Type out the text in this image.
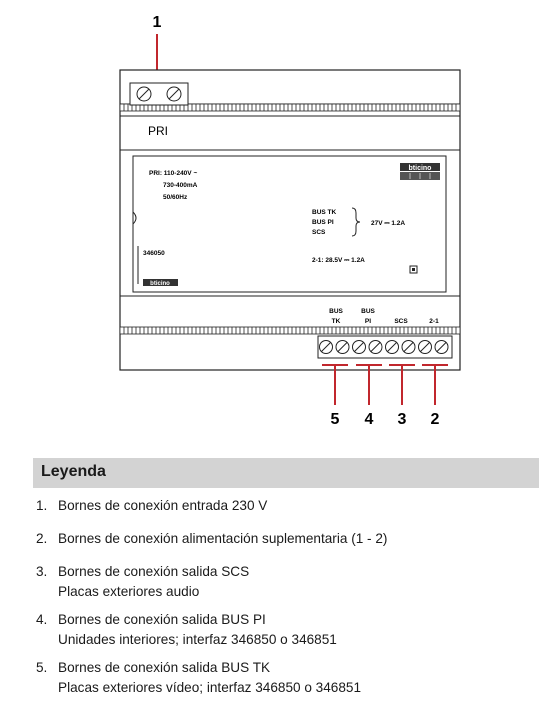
1
PRI
bticino
PRI: 110-240V ~
730-400mA
50/60Hz
BUS TK
BUS PI
SCS
27V ⎓ 1.2A
346050
2-1: 28.5V ⎓ 1.2A
bticino
BUS
TK
BUS
PI	SCS	2-1
5 4 3 2
Leyenda
1. Bornes de conexión entrada 230 V
2. Bornes de conexión alimentación suplementaria (1 - 2)
3. Bornes de conexión salida SCS
Placas exteriores audio
4. Bornes de conexión salida BUS PI
Unidades interiores; interfaz 346850 o 346851
5. Bornes de conexión salida BUS TK
Placas exteriores vídeo; interfaz 346850 o 346851
